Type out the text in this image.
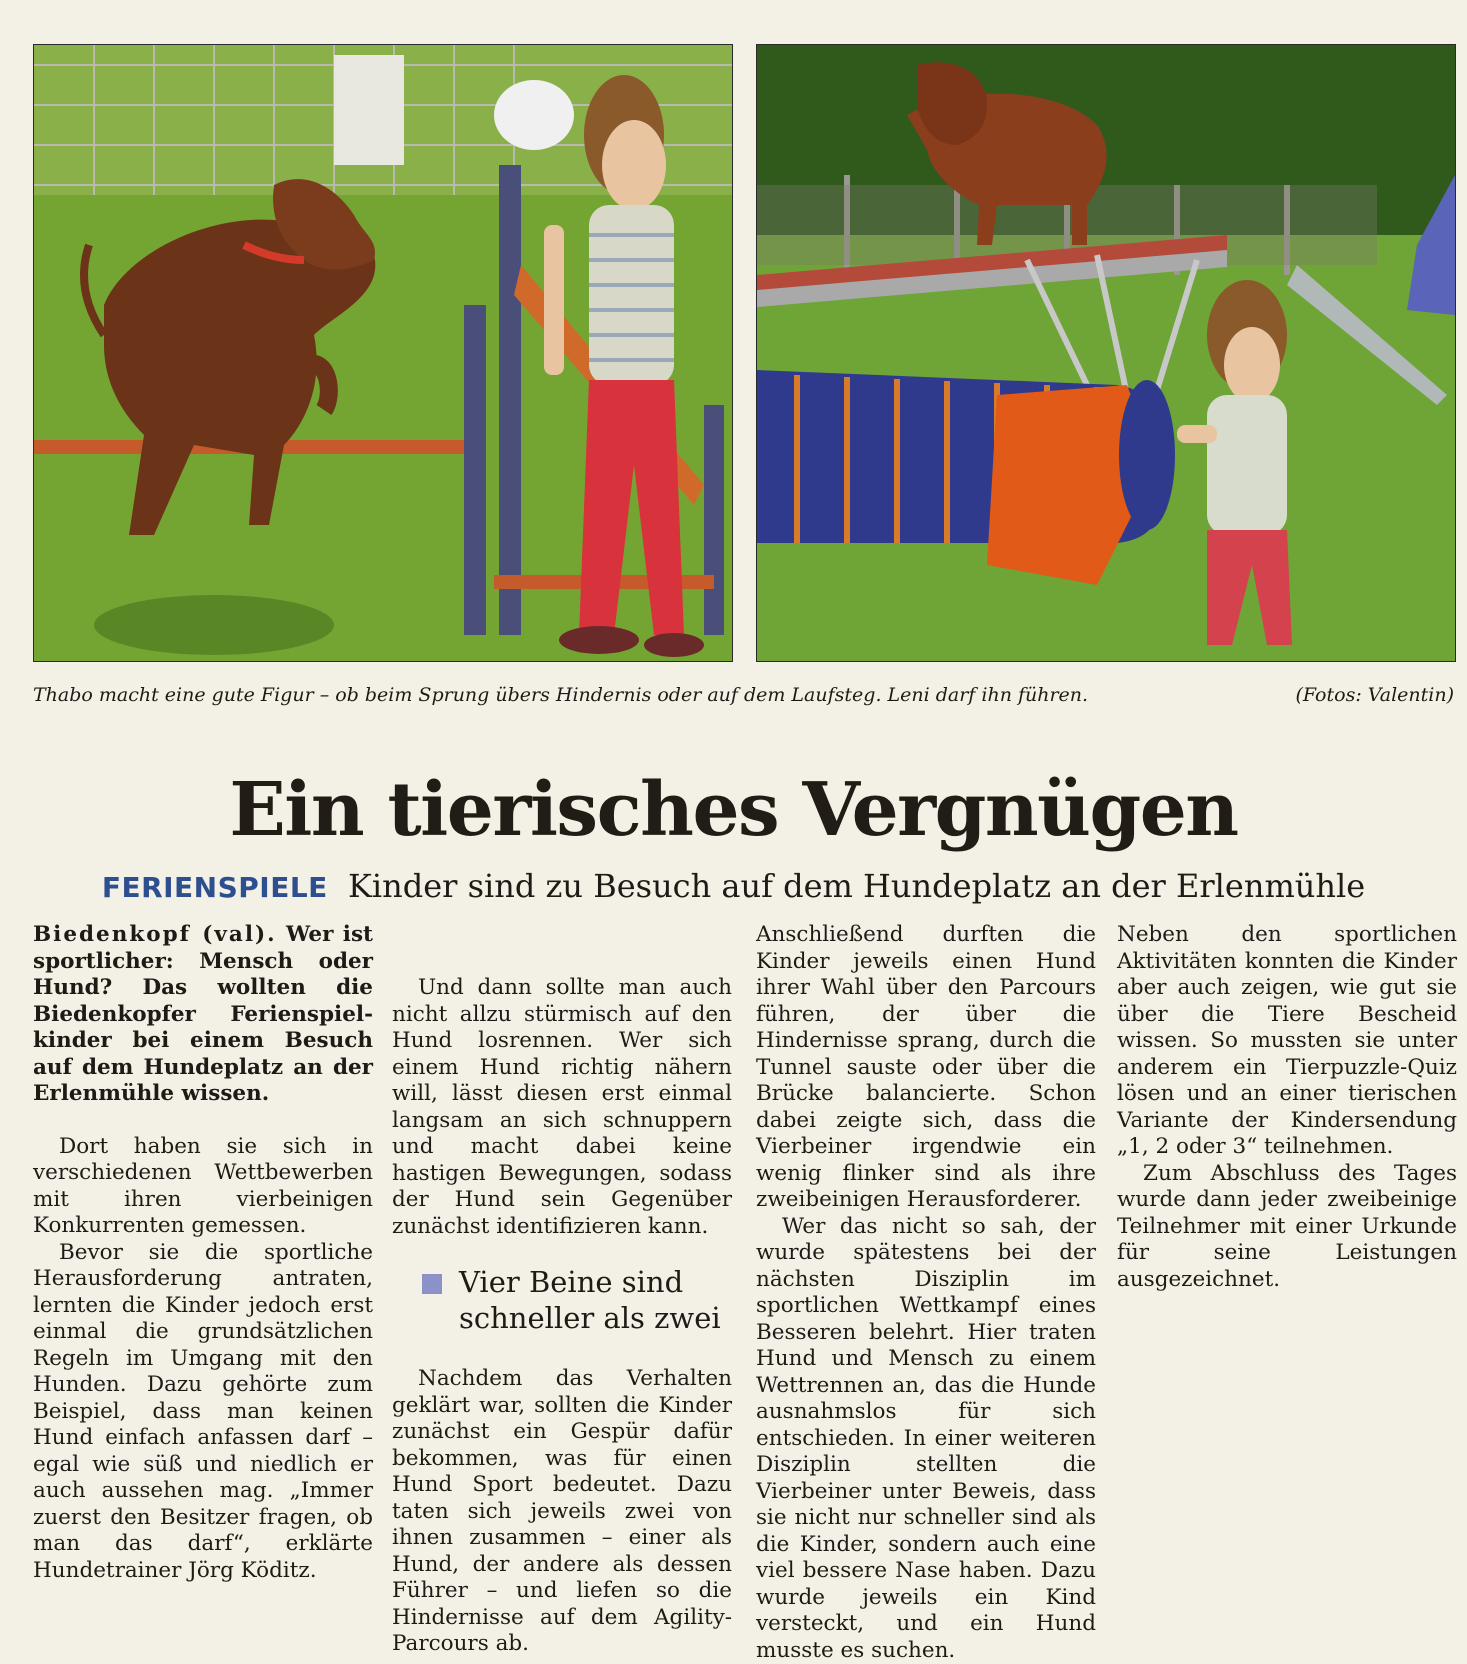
Thabo macht eine gute Figur – ob beim Sprung übers Hindernis oder auf dem Laufsteg. Leni darf ihn führen.	(Fotos: Valentin)
Ein tierisches Vergnügen
FERIENSPIELE Kinder sind zu Besuch auf dem Hundeplatz an der Erlenmühle

Biedenkopf (val). Wer ist sportlicher: Mensch oder Hund? Das wollten die Biedenkopfer Ferienspielkinder bei einem Besuch auf dem Hundeplatz an der Erlenmühle wissen.

Dort haben sie sich in verschiedenen Wettbewerben mit ihren vierbeinigen Konkurrenten gemessen.

Bevor sie die sportliche Herausforderung antraten, lernten die Kinder jedoch erst einmal die grundsätzlichen Regeln im Umgang mit den Hunden. Dazu gehörte zum Beispiel, dass man keinen Hund einfach anfassen darf – egal wie süß und niedlich er auch aussehen mag. „Immer zuerst den Besitzer fragen, ob man das darf“, erklärte Hundetrainer Jörg Köditz.

Und dann sollte man auch nicht allzu stürmisch auf den Hund losrennen. Wer sich einem Hund richtig nähern will, lässt diesen erst einmal langsam an sich schnuppern und macht dabei keine hastigen Bewegungen, sodass der Hund sein Gegenüber zunächst identifizieren kann.

Vier Beine sind
schneller als zwei

Nachdem das Verhalten geklärt war, sollten die Kinder zunächst ein Gespür dafür bekommen, was für einen Hund Sport bedeutet. Dazu taten sich jeweils zwei von ihnen zusammen – einer als Hund, der andere als dessen Führer – und liefen so die Hindernisse auf dem Agility-Parcours ab.

Anschließend durften die Kinder jeweils einen Hund ihrer Wahl über den Parcours führen, der über die Hindernisse sprang, durch die Tunnel sauste oder über die Brücke balancierte. Schon dabei zeigte sich, dass die Vierbeiner irgendwie ein wenig flinker sind als ihre zweibeinigen Herausforderer.

Wer das nicht so sah, der wurde spätestens bei der nächsten Disziplin im sportlichen Wettkampf eines Besseren belehrt. Hier traten Hund und Mensch zu einem Wettrennen an, das die Hunde ausnahmslos für sich entschieden. In einer weiteren Disziplin stellten die Vierbeiner unter Beweis, dass sie nicht nur schneller sind als die Kinder, sondern auch eine viel bessere Nase haben. Dazu wurde jeweils ein Kind versteckt, und ein Hund musste es suchen.

Neben den sportlichen Aktivitäten konnten die Kinder aber auch zeigen, wie gut sie über die Tiere Bescheid wissen. So mussten sie unter anderem ein Tierpuzzle-Quiz lösen und an einer tierischen Variante der Kindersendung „1, 2 oder 3“ teilnehmen.

Zum Abschluss des Tages wurde dann jeder zweibeinige Teilnehmer mit einer Urkunde für seine Leistungen ausgezeichnet.
